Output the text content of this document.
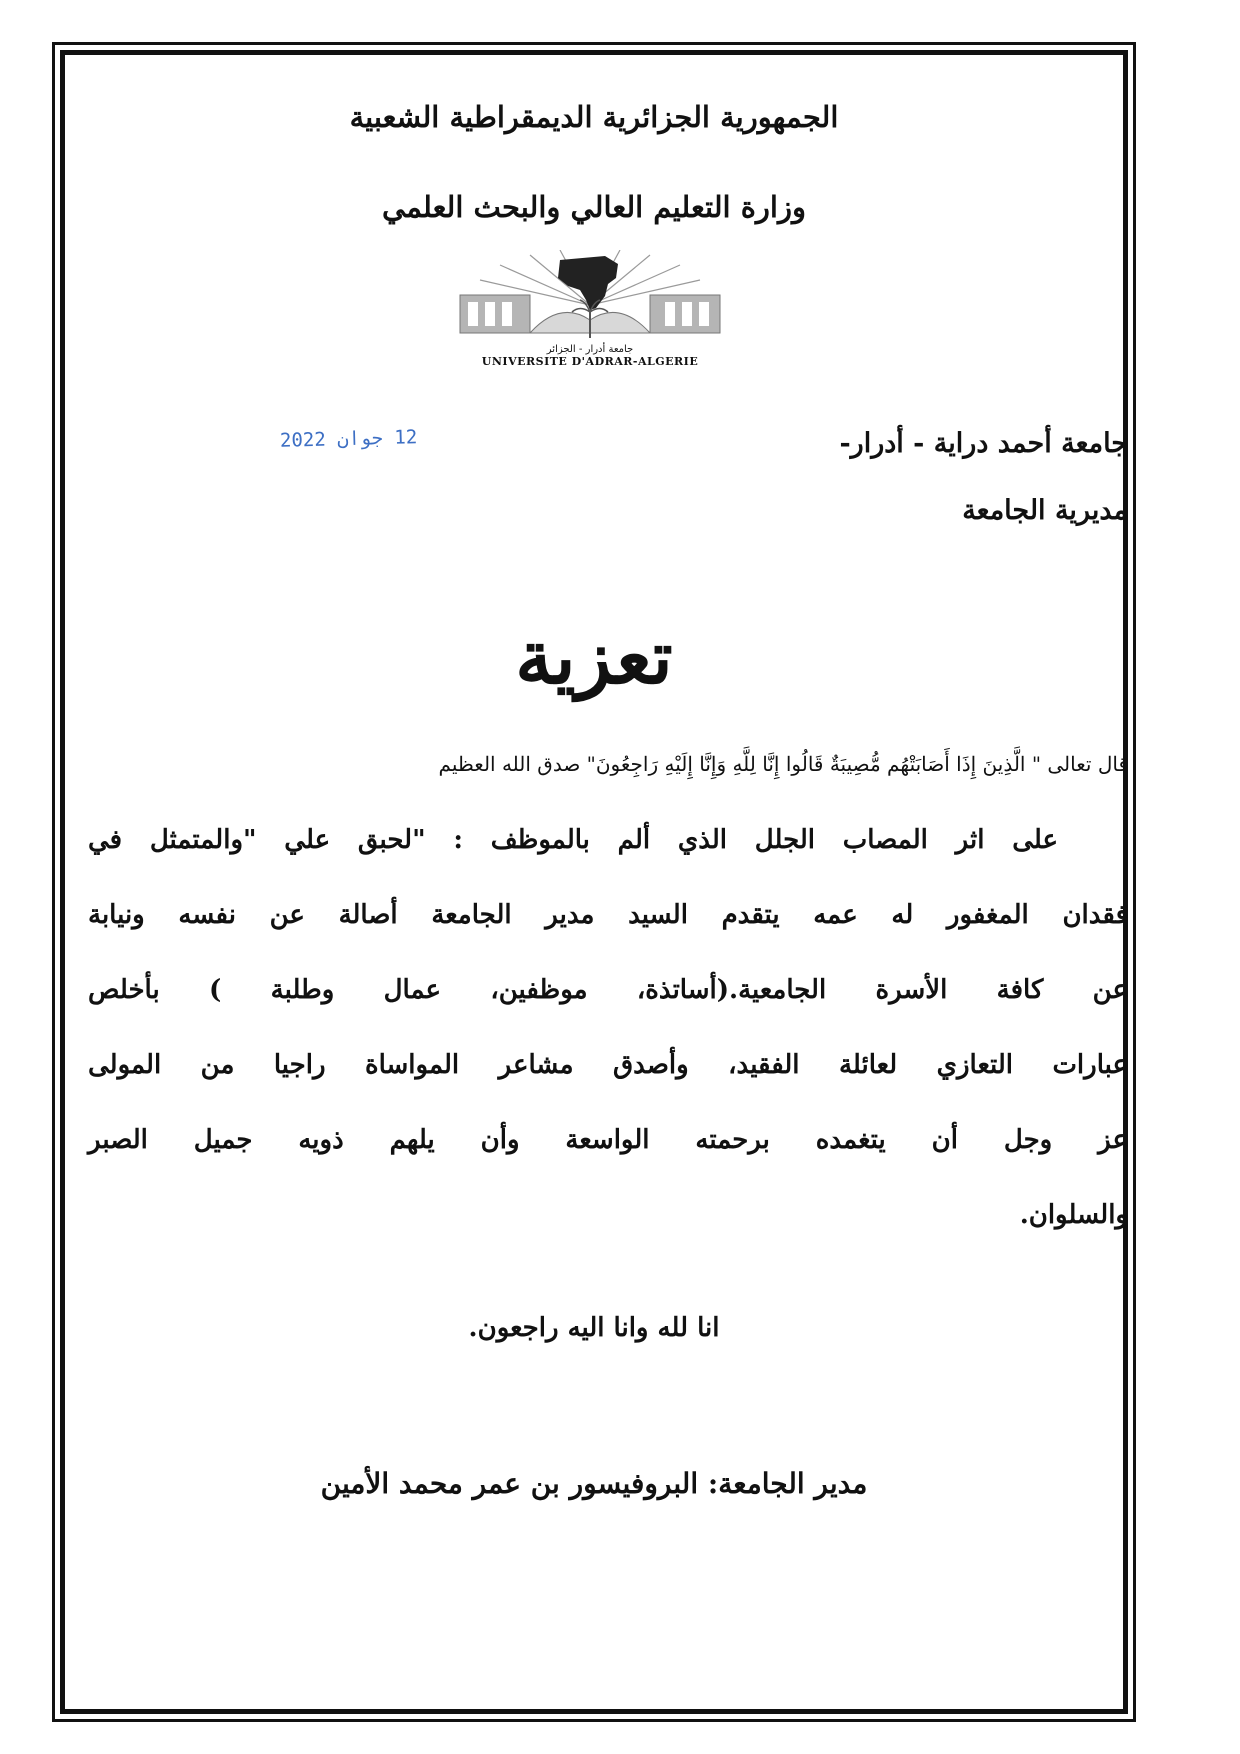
الجمهورية الجزائرية الديمقراطية الشعبية
وزارة التعليم العالي والبحث العلمي
جامعة أدرار - الجزائر
UNIVERSITE D'ADRAR-ALGERIE
12 جوان 2022	جامعة أحمد دراية - أدرار-
مديرية الجامعة
تعزية
قال تعالى " الَّذِينَ إِذَا أَصَابَتْهُم مُّصِيبَةٌ قَالُوا إِنَّا لِلَّهِ وَإِنَّا إِلَيْهِ رَاجِعُونَ" صدق الله العظيم
على اثر المصاب الجلل الذي ألم بالموظف : "لحبق علي "والمتمثل في
فقدان المغفور له عمه يتقدم السيد مدير الجامعة أصالة عن نفسه ونيابة
عن كافة الأسرة الجامعية.(أساتذة، موظفين، عمال وطلبة ) بأخلص
عبارات التعازي لعائلة الفقيد، وأصدق مشاعر المواساة راجيا من المولى
عز وجل أن يتغمده برحمته الواسعة وأن يلهم ذويه جميل الصبر
والسلوان.
انا لله وانا اليه راجعون.
مدير الجامعة: البروفيسور بن عمر محمد الأمين
